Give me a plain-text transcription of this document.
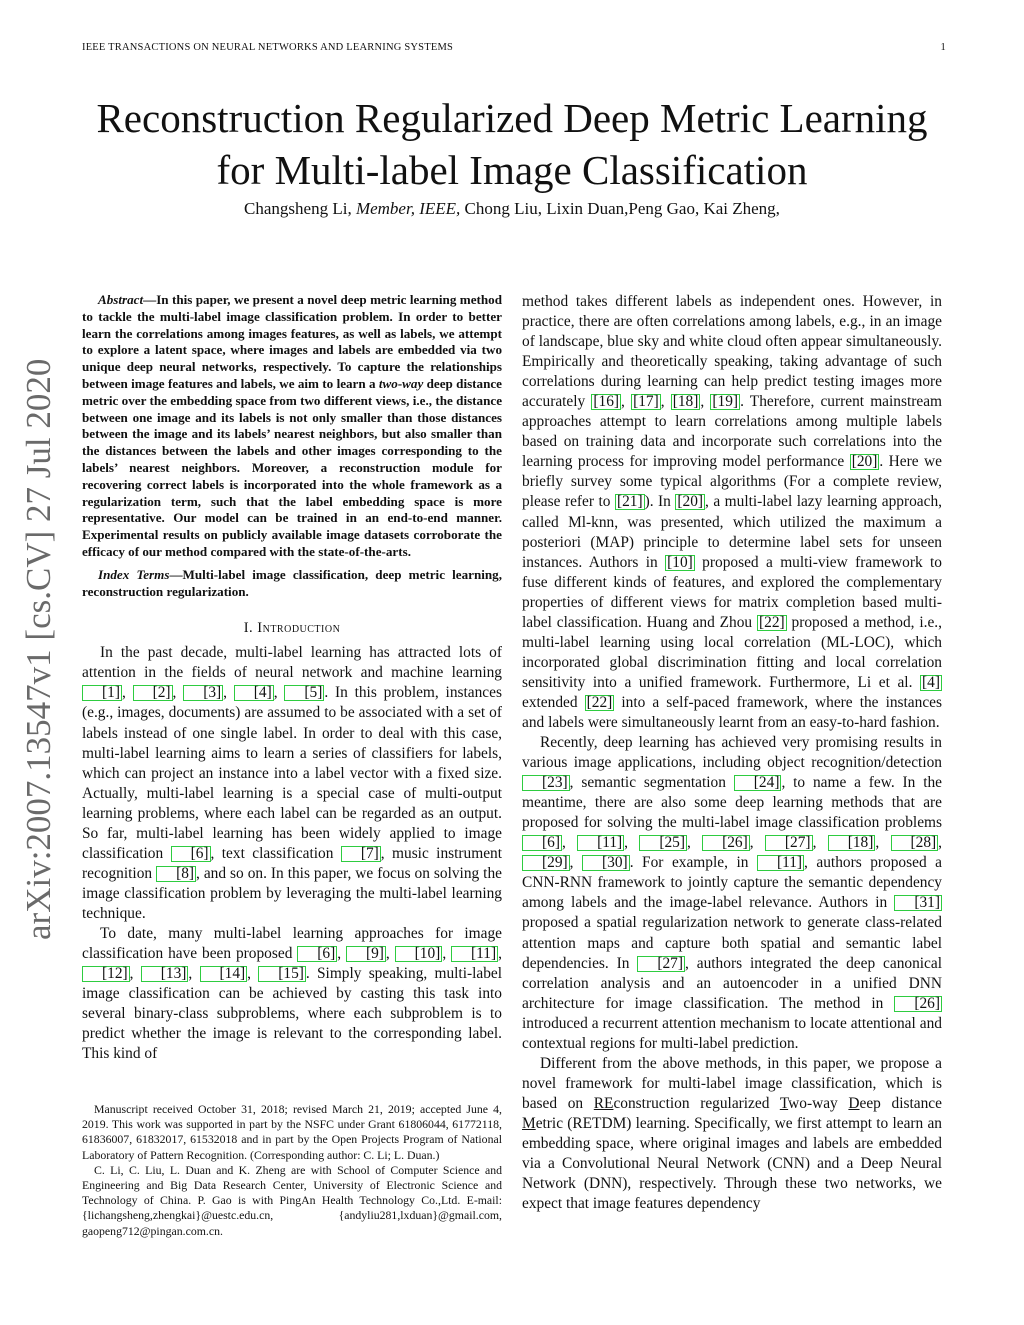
IEEE TRANSACTIONS ON NEURAL NETWORKS AND LEARNING SYSTEMS	1
Reconstruction Regularized Deep Metric Learning
for Multi-label Image Classification
Changsheng Li, Member, IEEE, Chong Liu, Lixin Duan,Peng Gao, Kai Zheng,
arXiv:2007.13547v1 [cs.CV] 27 Jul 2020

Abstract—In this paper, we present a novel deep metric learning method to tackle the multi-label image classification problem. In order to better learn the correlations among images features, as well as labels, we attempt to explore a latent space, where images and labels are embedded via two unique deep neural networks, respectively. To capture the relationships between image features and labels, we aim to learn a two-way deep distance metric over the embedding space from two different views, i.e., the distance between one image and its labels is not only smaller than those distances between the image and its labels’ nearest neighbors, but also smaller than the distances between the labels and other images corresponding to the labels’ nearest neighbors. Moreover, a reconstruction module for recovering correct labels is incorporated into the whole framework as a regularization term, such that the label embedding space is more representative. Our model can be trained in an end-to-end manner. Experimental results on publicly available image datasets corroborate the efficacy of our method compared with the state-of-the-arts.

Index Terms—Multi-label image classification, deep metric learning, reconstruction regularization.

I. Introduction

In the past decade, multi-label learning has attracted lots of attention in the fields of neural network and machine learning [1] , [2] , [3] , [4] , [5] . In this problem, instances (e.g., images, documents) are assumed to be associated with a set of labels instead of one single label. In order to deal with this case, multi-label learning aims to learn a series of classifiers for labels, which can project an instance into a label vector with a fixed size. Actually, multi-label learning is a special case of multi-output learning problems, where each label can be regarded as an output. So far, multi-label learning has been widely applied to image classification [6] , text classification [7] , music instrument recognition [8] , and so on. In this paper, we focus on solving the image classification problem by leveraging the multi-label learning technique.

To date, many multi-label learning approaches for image classification have been proposed [6] , [9] , [10] , [11] , [12] , [13] , [14] , [15] . Simply speaking, multi-label image classification can be achieved by casting this task into several binary-class subproblems, where each subproblem is to predict whether the image is relevant to the corresponding label. This kind of

Manuscript received October 31, 2018; revised March 21, 2019; accepted June 4, 2019. This work was supported in part by the NSFC under Grant 61806044, 61772118, 61836007, 61832017, 61532018 and in part by the Open Projects Program of National Laboratory of Pattern Recognition. (Corresponding author: C. Li; L. Duan.)

C. Li, C. Liu, L. Duan and K. Zheng are with School of Computer Science and Engineering and Big Data Research Center, University of Electronic Science and Technology of China. P. Gao is with PingAn Health Technology Co.,Ltd. E-mail: {lichangsheng,zhengkai}@uestc.edu.cn, {andyliu281,lxduan}@gmail.com, gaopeng712@pingan.com.cn.

method takes different labels as independent ones. However, in practice, there are often correlations among labels, e.g., in an image of landscape, blue sky and white cloud often appear simultaneously. Empirically and theoretically speaking, taking advantage of such correlations during learning can help predict testing images more accurately [16] , [17] , [18] , [19] . Therefore, current mainstream approaches attempt to learn correlations among multiple labels based on training data and incorporate such correlations into the learning process for improving model performance [20] . Here we briefly survey some typical algorithms (For a complete review, please refer to [21] ). In [20] , a multi-label lazy learning approach, called Ml-knn, was presented, which utilized the maximum a posteriori (MAP) principle to determine label sets for unseen instances. Authors in [10] proposed a multi-view framework to fuse different kinds of features, and explored the complementary properties of different views for matrix completion based multi-label classification. Huang and Zhou [22] proposed a method, i.e., multi-label learning using local correlation (ML-LOC), which incorporated global discrimination fitting and local correlation sensitivity into a unified framework. Furthermore, Li et al. [4] extended [22] into a self-paced framework, where the instances and labels were simultaneously learnt from an easy-to-hard fashion.

Recently, deep learning has achieved very promising results in various image applications, including object recognition/detection [23] , semantic segmentation [24] , to name a few. In the meantime, there are also some deep learning methods that are proposed for solving the multi-label image classification problems [6] , [11] , [25] , [26] , [27] , [18] , [28] , [29] , [30] . For example, in [11] , authors proposed a CNN-RNN framework to jointly capture the semantic dependency among labels and the image-label relevance. Authors in [31] proposed a spatial regularization network to generate class-related attention maps and capture both spatial and semantic label dependencies. In [27] , authors integrated the deep canonical correlation analysis and an autoencoder in a unified DNN architecture for image classification. The method in [26] introduced a recurrent attention mechanism to locate attentional and contextual regions for multi-label prediction.

Different from the above methods, in this paper, we propose a novel framework for multi-label image classification, which is based on REconstruction regularized Two-way Deep distance Metric (RETDM) learning. Specifically, we first attempt to learn an embedding space, where original images and labels are embedded via a Convolutional Neural Network (CNN) and a Deep Neural Network (DNN), respectively. Through these two networks, we expect that image features dependency
